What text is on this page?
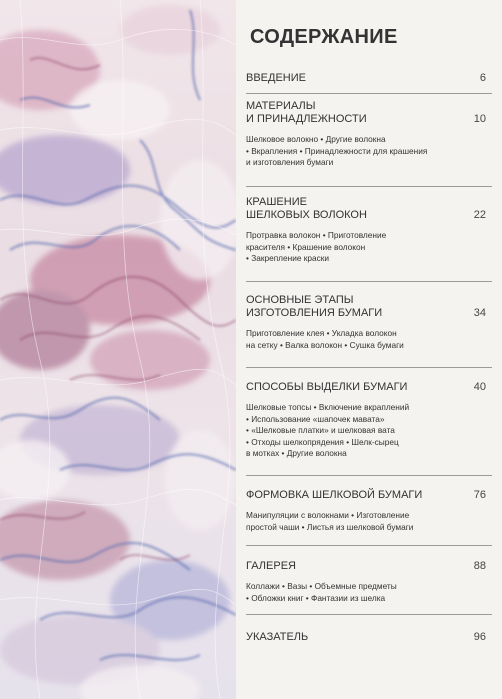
СОДЕРЖАНИЕ
ВВЕДЕНИЕ	6
МАТЕРИАЛЫ
И ПРИНАДЛЕЖНОСТИ	10
Шелковое волокно • Другие волокна
• Вкрапления • Принадлежности для крашения
и изготовления бумаги
КРАШЕНИЕ
ШЕЛКОВЫХ ВОЛОКОН	22
Протравка волокон • Приготовление
красителя • Крашение волокон
• Закрепление краски
ОСНОВНЫЕ ЭТАПЫ
ИЗГОТОВЛЕНИЯ БУМАГИ	34
Приготовление клея • Укладка волокон
на сетку • Валка волокон • Сушка бумаги
СПОСОБЫ ВЫДЕЛКИ БУМАГИ	40
Шелковые топсы • Включение вкраплений
• Использование «шапочек мавата»
• «Шелковые платки» и шелковая вата
• Отходы шелкопрядения • Шелк-сырец
в мотках • Другие волокна
ФОРМОВКА ШЕЛКОВОЙ БУМАГИ	76
Манипуляции с волокнами • Изготовление
простой чаши • Листья из шелковой бумаги
ГАЛЕРЕЯ	88
Коллажи • Вазы • Объемные предметы
• Обложки книг • Фантазии из шелка
УКАЗАТЕЛЬ	96
